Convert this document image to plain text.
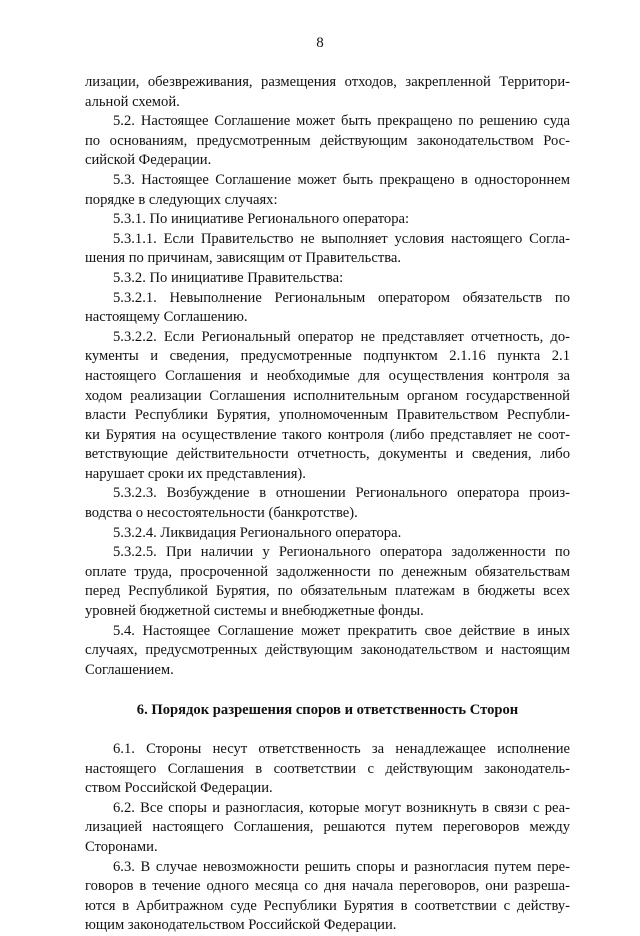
8
лизации, обезвреживания, размещения отходов, закрепленной Территори-
альной схемой.
5.2. Настоящее Соглашение может быть прекращено по решению суда
по основаниям, предусмотренным действующим законодательством Рос-
сийской Федерации.
5.3. Настоящее Соглашение может быть прекращено в одностороннем
порядке в следующих случаях:
5.3.1. По инициативе Регионального оператора:
5.3.1.1. Если Правительство не выполняет условия настоящего Согла-
шения по причинам, зависящим от Правительства.
5.3.2. По инициативе Правительства:
5.3.2.1. Невыполнение Региональным оператором обязательств по
настоящему Соглашению.
5.3.2.2. Если Региональный оператор не представляет отчетность, до-
кументы и сведения, предусмотренные подпунктом 2.1.16 пункта 2.1
настоящего Соглашения и необходимые для осуществления контроля за
ходом реализации Соглашения исполнительным органом государственной
власти Республики Бурятия, уполномоченным Правительством Республи-
ки Бурятия на осуществление такого контроля (либо представляет не соот-
ветствующие действительности отчетность, документы и сведения, либо
нарушает сроки их представления).
5.3.2.3. Возбуждение в отношении Регионального оператора произ-
водства о несостоятельности (банкротстве).
5.3.2.4. Ликвидация Регионального оператора.
5.3.2.5. При наличии у Регионального оператора задолженности по
оплате труда, просроченной задолженности по денежным обязательствам
перед Республикой Бурятия, по обязательным платежам в бюджеты всех
уровней бюджетной системы и внебюджетные фонды.
5.4. Настоящее Соглашение может прекратить свое действие в иных
случаях, предусмотренных действующим законодательством и настоящим
Соглашением.
6. Порядок разрешения споров и ответственность Сторон
6.1. Стороны несут ответственность за ненадлежащее исполнение
настоящего Соглашения в соответствии с действующим законодатель-
ством Российской Федерации.
6.2. Все споры и разногласия, которые могут возникнуть в связи с реа-
лизацией настоящего Соглашения, решаются путем переговоров между
Сторонами.
6.3. В случае невозможности решить споры и разногласия путем пере-
говоров в течение одного месяца со дня начала переговоров, они разреша-
ются в Арбитражном суде Республики Бурятия в соответствии с действу-
ющим законодательством Российской Федерации.
